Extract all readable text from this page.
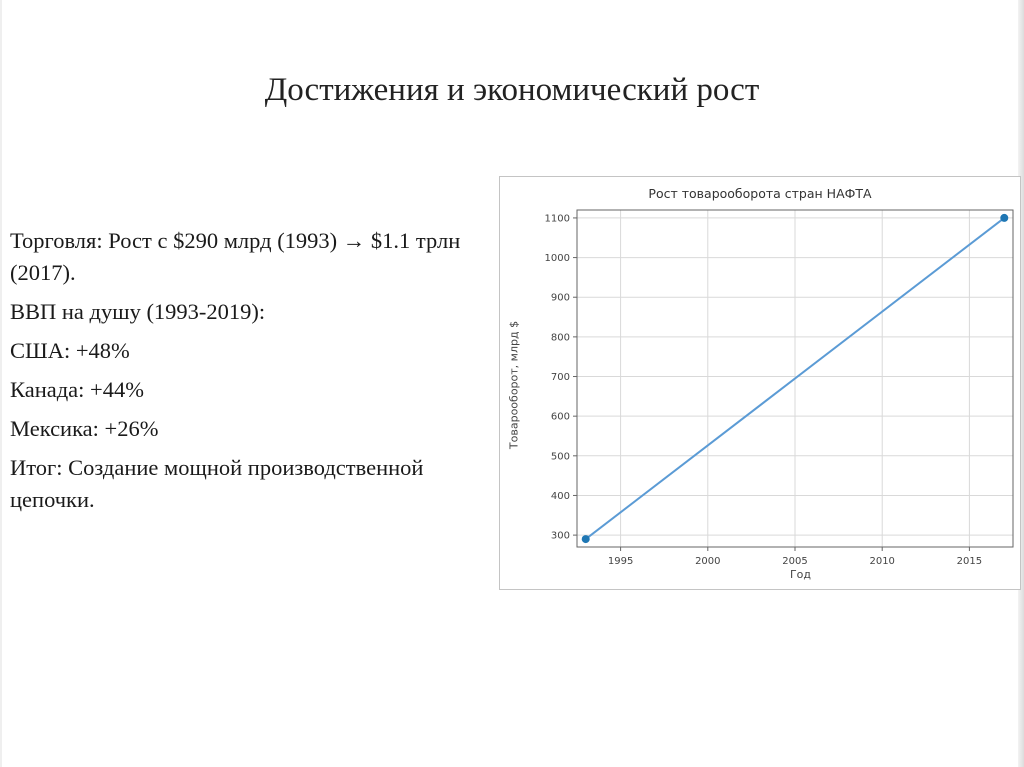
Достижения и экономический рост

Торговля: Рост с $290 млрд (1993) → $1.1 трлн (2017).

ВВП на душу (1993-2019):

США: +48%

Канада: +44%

Мексика: +26%

Итог: Создание мощной производственной цепочки.

Рост товарооборота стран НАФТА
1995	2000	2005	2010	2015
300
400
500
600
700
800
900
1000
1100
Год
Товарооборот, млрд $
